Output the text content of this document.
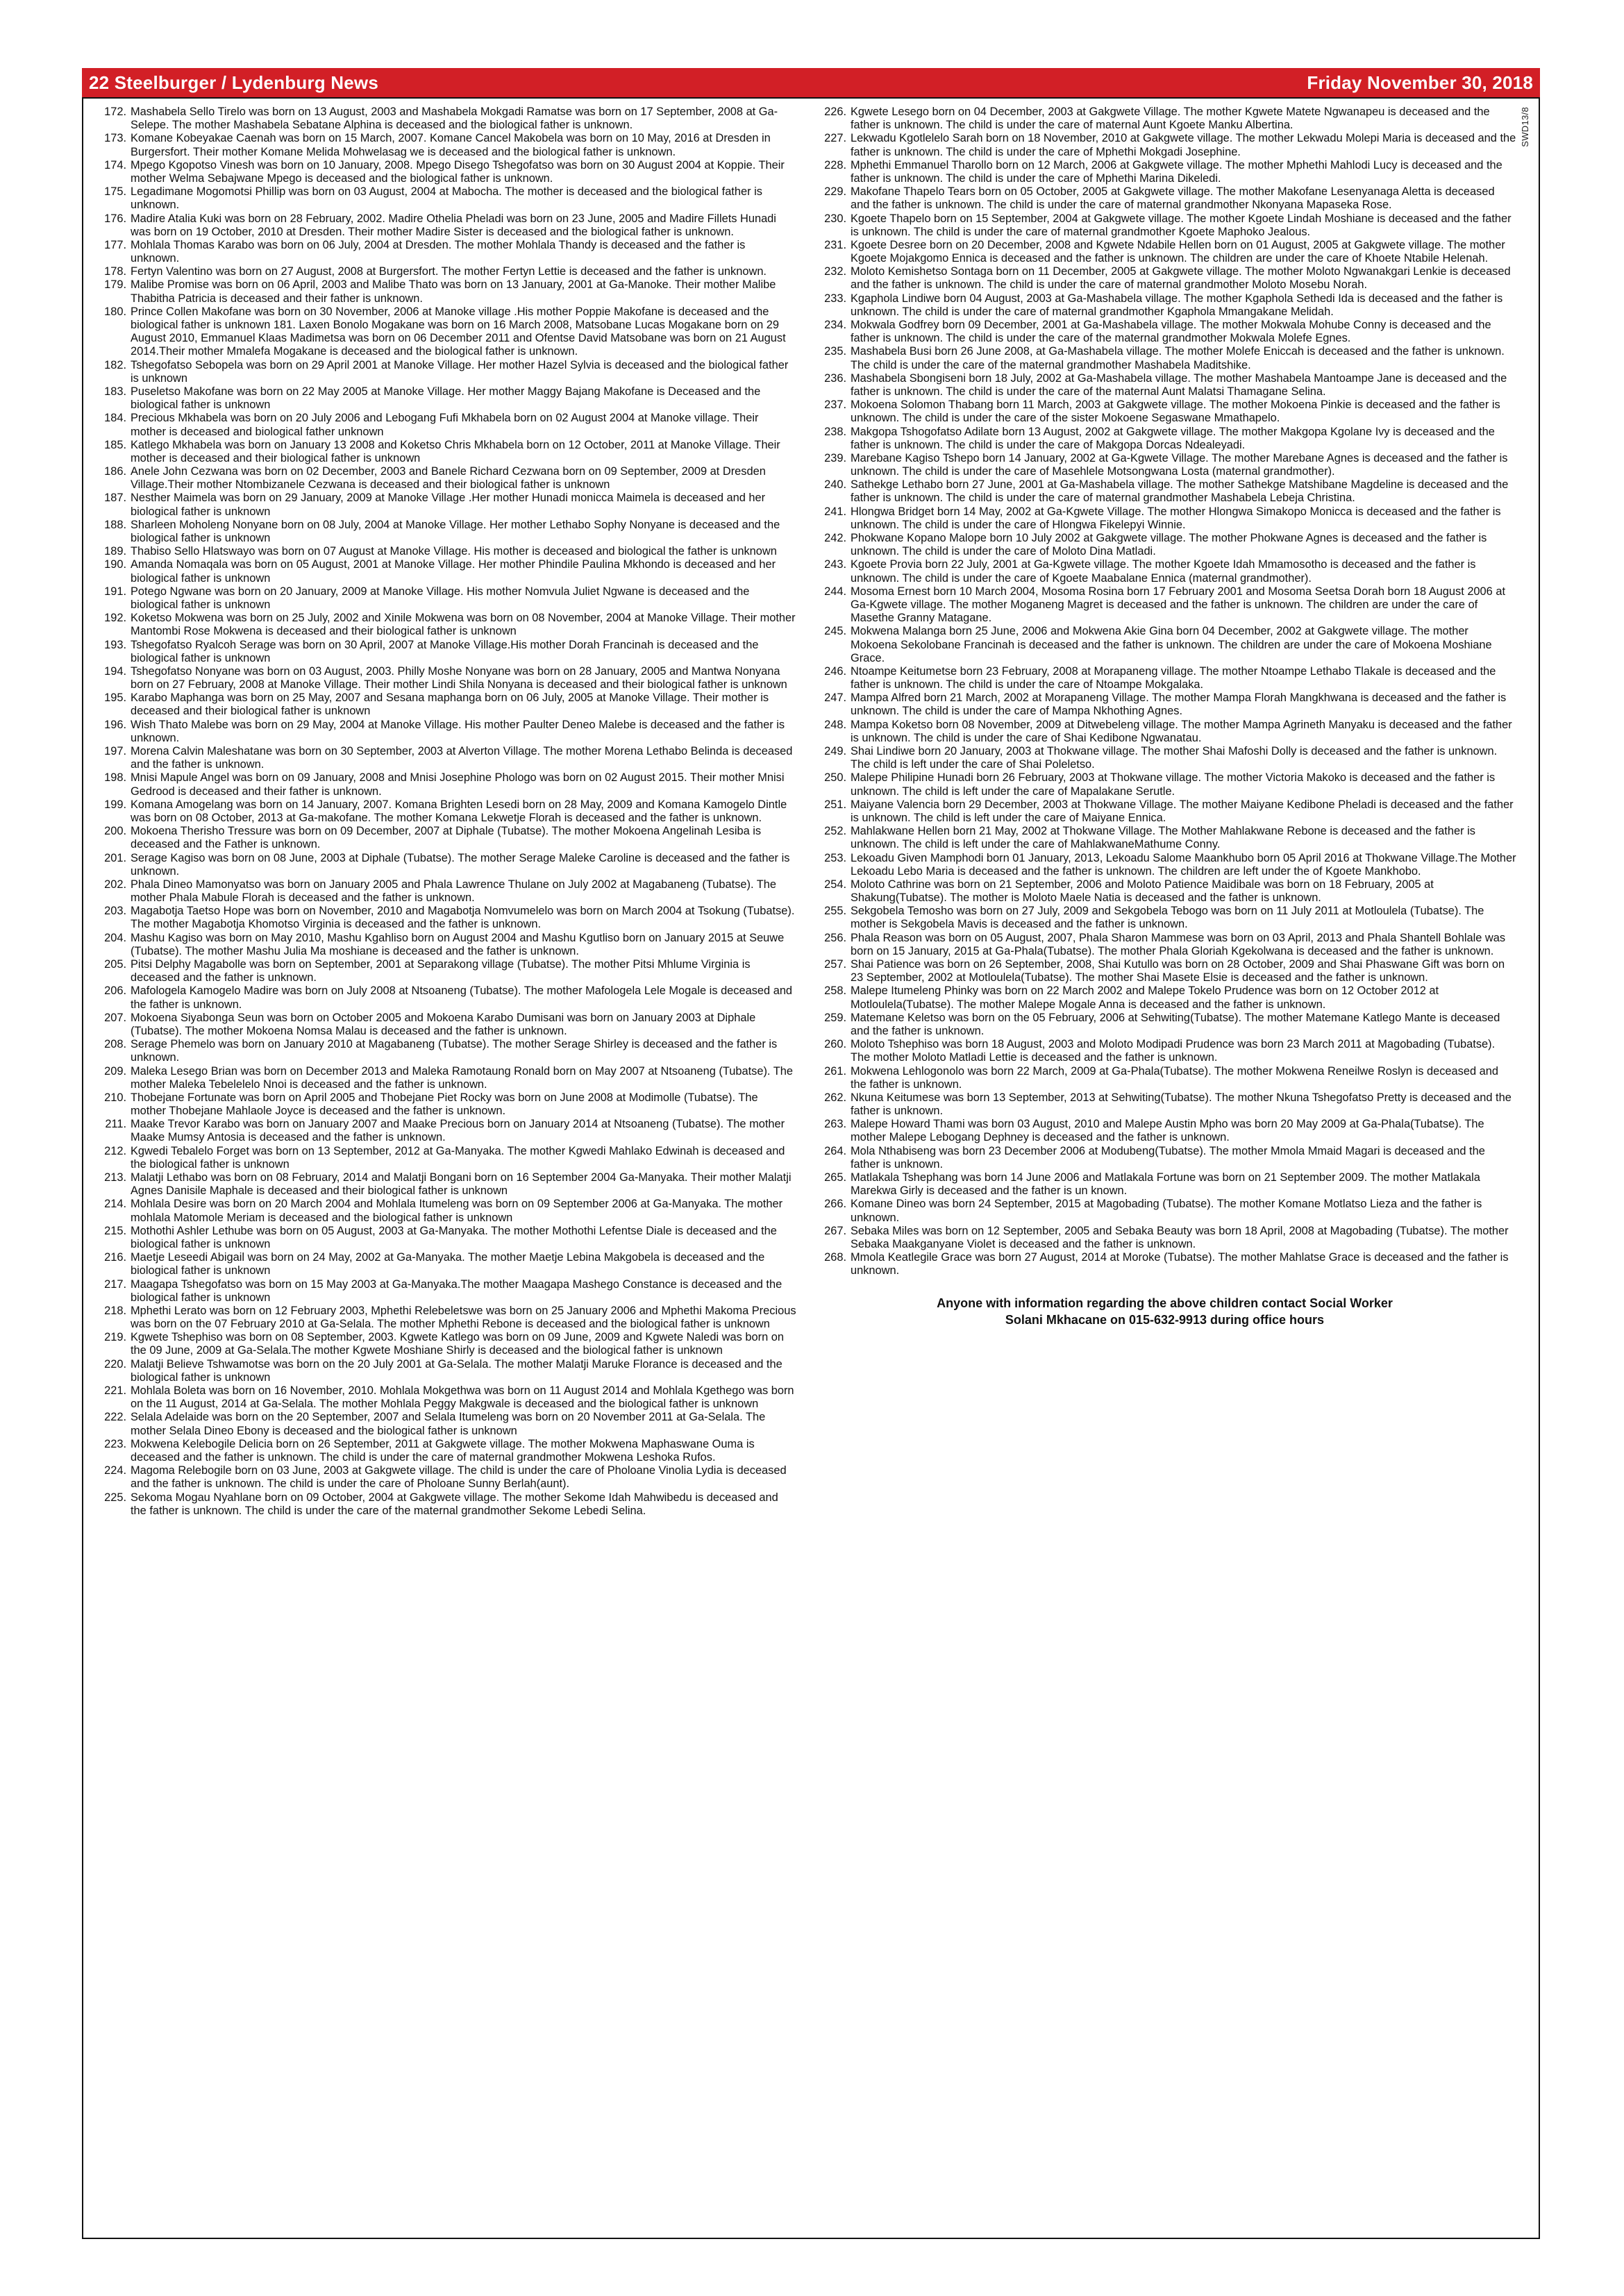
22 Steelburger / Lydenburg News	Friday November 30, 2018
SWD13/8
172. Mashabela Sello Tirelo was born on 13 August, 2003 and Mashabela Mokgadi Ramatse was born on 17 September, 2008 at Ga-Selepe. The mother Mashabela Sebatane Alphina is deceased and the biological father is unknown.
173. Komane Kobeyakae Caenah was born on 15 March, 2007. Komane Cancel Makobela was born on 10 May, 2016 at Dresden in Burgersfort. Their mother Komane Melida Mohwelasag we is deceased and the biological father is unknown.
174. Mpego Kgopotso Vinesh was born on 10 January, 2008. Mpego Disego Tshegofatso was born on 30 August 2004 at Koppie. Their mother Welma Sebajwane Mpego is deceased and the biological father is unknown.
175. Legadimane Mogomotsi Phillip was born on 03 August, 2004 at Mabocha. The mother is deceased and the biological father is unknown.
176. Madire Atalia Kuki was born on 28 February, 2002. Madire Othelia Pheladi was born on 23 June, 2005 and Madire Fillets Hunadi was born on 19 October, 2010 at Dresden. Their mother Madire Sister is deceased and the biological father is unknown.
177. Mohlala Thomas Karabo was born on 06 July, 2004 at Dresden. The mother Mohlala Thandy is deceased and the father is unknown.
178. Fertyn Valentino was born on 27 August, 2008 at Burgersfort. The mother Fertyn Lettie is deceased and the father is unknown.
179. Malibe Promise was born on 06 April, 2003 and Malibe Thato was born on 13 January, 2001 at Ga-Manoke. Their mother Malibe Thabitha Patricia is deceased and their father is unknown.
180. Prince Collen Makofane was born on 30 November, 2006 at Manoke village .His mother Poppie Makofane is deceased and the biological father is unknown 181. Laxen Bonolo Mogakane was born on 16 March 2008, Matsobane Lucas Mogakane born on 29 August 2010, Emmanuel Klaas Madimetsa was born on 06 December 2011 and Ofentse David Matsobane was born on 21 August 2014.Their mother Mmalefa Mogakane is deceased and the biological father is unknown.
182. Tshegofatso Sebopela was born on 29 April 2001 at Manoke Village. Her mother Hazel Sylvia is deceased and the biological father is unknown
183. Puseletso Makofane was born on 22 May 2005 at Manoke Village. Her mother Maggy Bajang Makofane is Deceased and the biological father is unknown
184. Precious Mkhabela was born on 20 July 2006 and Lebogang Fufi Mkhabela born on 02 August 2004 at Manoke village. Their mother is deceased and biological father unknown
185. Katlego Mkhabela was born on January 13 2008 and Koketso Chris Mkhabela born on 12 October, 2011 at Manoke Village. Their mother is deceased and their biological father is unknown
186. Anele John Cezwana was born on 02 December, 2003 and Banele Richard Cezwana born on 09 September, 2009 at Dresden Village.Their mother Ntombizanele Cezwana is deceased and their biological father is unknown
187. Nesther Maimela was born on 29 January, 2009 at Manoke Village .Her mother Hunadi monicca Maimela is deceased and her biological father is unknown
188. Sharleen Moholeng Nonyane born on 08 July, 2004 at Manoke Village. Her mother Lethabo Sophy Nonyane is deceased and the biological father is unknown
189. Thabiso Sello Hlatswayo was born on 07 August at Manoke Village. His mother is deceased and biological the father is unknown
190. Amanda Nomaqala was born on 05 August, 2001 at Manoke Village. Her mother Phindile Paulina Mkhondo is deceased and her biological father is unknown
191. Potego Ngwane was born on 20 January, 2009 at Manoke Village. His mother Nomvula Juliet Ngwane is deceased and the biological father is unknown
192. Koketso Mokwena was born on 25 July, 2002 and Xinile Mokwena was born on 08 November, 2004 at Manoke Village. Their mother Mantombi Rose Mokwena is deceased and their biological father is unknown
193. Tshegofatso Ryalcoh Serage was born on 30 April, 2007 at Manoke Village.His mother Dorah Francinah is deceased and the biological father is unknown
194. Tshegofatso Nonyane was born on 03 August, 2003. Philly Moshe Nonyane was born on 28 January, 2005 and Mantwa Nonyana born on 27 February, 2008 at Manoke Village. Their mother Lindi Shila Nonyana is deceased and their biological father is unknown
195. Karabo Maphanga was born on 25 May, 2007 and Sesana maphanga born on 06 July, 2005 at Manoke Village. Their mother is deceased and their biological father is unknown
196. Wish Thato Malebe was born on 29 May, 2004 at Manoke Village. His mother Paulter Deneo Malebe is deceased and the father is unknown.
197. Morena Calvin Maleshatane was born on 30 September, 2003 at Alverton Village. The mother Morena Lethabo Belinda is deceased and the father is unknown.
198. Mnisi Mapule Angel was born on 09 January, 2008 and Mnisi Josephine Phologo was born on 02 August 2015. Their mother Mnisi Gedrood is deceased and their father is unknown.
199. Komana Amogelang was born on 14 January, 2007. Komana Brighten Lesedi born on 28 May, 2009 and Komana Kamogelo Dintle was born on 08 October, 2013 at Ga-makofane. The mother Komana Lekwetje Florah is deceased and the father is unknown.
200. Mokoena Therisho Tressure was born on 09 December, 2007 at Diphale (Tubatse). The mother Mokoena Angelinah Lesiba is deceased and the Father is unknown.
201. Serage Kagiso was born on 08 June, 2003 at Diphale (Tubatse). The mother Serage Maleke Caroline is deceased and the father is unknown.
202. Phala Dineo Mamonyatso was born on January 2005 and Phala Lawrence Thulane on July 2002 at Magabaneng (Tubatse). The mother Phala Mabule Florah is deceased and the father is unknown.
203. Magabotja Taetso Hope was born on November, 2010 and Magabotja Nomvumelelo was born on March 2004 at Tsokung (Tubatse). The mother Magabotja Khomotso Virginia is deceased and the father is unknown.
204. Mashu Kagiso was born on May 2010, Mashu Kgahliso born on August 2004 and Mashu Kgutliso born on January 2015 at Seuwe (Tubatse). The mother Mashu Julia Ma moshiane is deceased and the father is unknown.
205. Pitsi Delphy Magabolle was born on September, 2001 at Separakong village (Tubatse). The mother Pitsi Mhlume Virginia is deceased and the father is unknown.
206. Mafologela Kamogelo Madire was born on July 2008 at Ntsoaneng (Tubatse). The mother Mafologela Lele Mogale is deceased and the father is unknown.
207. Mokoena Siyabonga Seun was born on October 2005 and Mokoena Karabo Dumisani was born on January 2003 at Diphale (Tubatse). The mother Mokoena Nomsa Malau is deceased and the father is unknown.
208. Serage Phemelo was born on January 2010 at Magabaneng (Tubatse). The mother Serage Shirley is deceased and the father is unknown.
209. Maleka Lesego Brian was born on December 2013 and Maleka Ramotaung Ronald born on May 2007 at Ntsoaneng (Tubatse). The mother Maleka Tebelelelo Nnoi is deceased and the father is unknown.
210. Thobejane Fortunate was born on April 2005 and Thobejane Piet Rocky was born on June 2008 at Modimolle (Tubatse). The mother Thobejane Mahlaole Joyce is deceased and the father is unknown.
211. Maake Trevor Karabo was born on January 2007 and Maake Precious born on January 2014 at Ntsoaneng (Tubatse). The mother Maake Mumsy Antosia is deceased and the father is unknown.
212. Kgwedi Tebalelo Forget was born on 13 September, 2012 at Ga-Manyaka. The mother Kgwedi Mahlako Edwinah is deceased and the biological father is unknown
213. Malatji Lethabo was born on 08 February, 2014 and Malatji Bongani born on 16 September 2004 Ga-Manyaka. Their mother Malatji Agnes Danisile Maphale is deceased and their biological father is unknown
214. Mohlala Desire was born on 20 March 2004 and Mohlala Itumeleng was born on 09 September 2006 at Ga-Manyaka. The mother mohlala Matomole Meriam is deceased and the biological father is unknown
215. Mothothi Ashler Lethube was born on 05 August, 2003 at Ga-Manyaka. The mother Mothothi Lefentse Diale is deceased and the biological father is unknown
216. Maetje Leseedi Abigail was born on 24 May, 2002 at Ga-Manyaka. The mother Maetje Lebina Makgobela is deceased and the biological father is unknown
217. Maagapa Tshegofatso was born on 15 May 2003 at Ga-Manyaka.The mother Maagapa Mashego Constance is deceased and the biological father is unknown
218. Mphethi Lerato was born on 12 February 2003, Mphethi Relebeletswe was born on 25 January 2006 and Mphethi Makoma Precious was born on the 07 February 2010 at Ga-Selala. The mother Mphethi Rebone is deceased and the biological father is unknown
219. Kgwete Tshephiso was born on 08 September, 2003. Kgwete Katlego was born on 09 June, 2009 and Kgwete Naledi was born on the 09 June, 2009 at Ga-Selala.The mother Kgwete Moshiane Shirly is deceased and the biological father is unknown
220. Malatji Believe Tshwamotse was born on the 20 July 2001 at Ga-Selala. The mother Malatji Maruke Florance is deceased and the biological father is unknown
221. Mohlala Boleta was born on 16 November, 2010. Mohlala Mokgethwa was born on 11 August 2014 and Mohlala Kgethego was born on the 11 August, 2014 at Ga-Selala. The mother Mohlala Peggy Makgwale is deceased and the biological father is unknown
222. Selala Adelaide was born on the 20 September, 2007 and Selala Itumeleng was born on 20 November 2011 at Ga-Selala. The mother Selala Dineo Ebony is deceased and the biological father is unknown
223. Mokwena Kelebogile Delicia born on 26 September, 2011 at Gakgwete village. The mother Mokwena Maphaswane Ouma is deceased and the father is unknown. The child is under the care of maternal grandmother Mokwena Leshoka Rufos.
224. Magoma Relebogile born on 03 June, 2003 at Gakgwete village. The child is under the care of Pholoane Vinolia Lydia is deceased and the father is unknown. The child is under the care of Pholoane Sunny Berlah(aunt).
225. Sekoma Mogau Nyahlane born on 09 October, 2004 at Gakgwete village. The mother Sekome Idah Mahwibedu is deceased and the father is unknown. The child is under the care of the maternal grandmother Sekome Lebedi Selina.
226. Kgwete Lesego born on 04 December, 2003 at Gakgwete Village. The mother Kgwete Matete Ngwanapeu is deceased and the father is unknown. The child is under the care of maternal Aunt Kgoete Manku Albertina.
227. Lekwadu Kgotlelelo Sarah born on 18 November, 2010 at Gakgwete village. The mother Lekwadu Molepi Maria is deceased and the father is unknown. The child is under the care of Mphethi Mokgadi Josephine.
228. Mphethi Emmanuel Tharollo born on 12 March, 2006 at Gakgwete village. The mother Mphethi Mahlodi Lucy is deceased and the father is unknown. The child is under the care of Mphethi Marina Dikeledi.
229. Makofane Thapelo Tears born on 05 October, 2005 at Gakgwete village. The mother Makofane Lesenyanaga Aletta is deceased and the father is unknown. The child is under the care of maternal grandmother Nkonyana Mapaseka Rose.
230. Kgoete Thapelo born on 15 September, 2004 at Gakgwete village. The mother Kgoete Lindah Moshiane is deceased and the father is unknown. The child is under the care of maternal grandmother Kgoete Maphoko Jealous.
231. Kgoete Desree born on 20 December, 2008 and Kgwete Ndabile Hellen born on 01 August, 2005 at Gakgwete village. The mother Kgoete Mojakgomo Ennica is deceased and the father is unknown. The children are under the care of Khoete Ntabile Helenah.
232. Moloto Kemishetso Sontaga born on 11 December, 2005 at Gakgwete village. The mother Moloto Ngwanakgari Lenkie is deceased and the father is unknown. The child is under the care of maternal grandmother Moloto Mosebu Norah.
233. Kgaphola Lindiwe born 04 August, 2003 at Ga-Mashabela village. The mother Kgaphola Sethedi Ida is deceased and the father is unknown. The child is under the care of maternal grandmother Kgaphola Mmangakane Melidah.
234. Mokwala Godfrey born 09 December, 2001 at Ga-Mashabela village. The mother Mokwala Mohube Conny is deceased and the father is unknown. The child is under the care of the maternal grandmother Mokwala Molefe Egnes.
235. Mashabela Busi born 26 June 2008, at Ga-Mashabela village. The mother Molefe Eniccah is deceased and the father is unknown. The child is under the care of the maternal grandmother Mashabela Maditshike.
236. Mashabela Sbongiseni born 18 July, 2002 at Ga-Mashabela village. The mother Mashabela Mantoampe Jane is deceased and the father is unknown. The child is under the care of the maternal Aunt Malatsi Thamagane Selina.
237. Mokoena Solomon Thabang born 11 March, 2003 at Gakgwete village. The mother Mokoena Pinkie is deceased and the father is unknown. The child is under the care of the sister Mokoene Segaswane Mmathapelo.
238. Makgopa Tshogofatso Adilate born 13 August, 2002 at Gakgwete village. The mother Makgopa Kgolane Ivy is deceased and the father is unknown. The child is under the care of Makgopa Dorcas Ndealeyadi.
239. Marebane Kagiso Tshepo born 14 January, 2002 at Ga-Kgwete Village. The mother Marebane Agnes is deceased and the father is unknown. The child is under the care of Masehlele Motsongwana Losta (maternal grandmother).
240. Sathekge Lethabo born 27 June, 2001 at Ga-Mashabela village. The mother Sathekge Matshibane Magdeline is deceased and the father is unknown. The child is under the care of maternal grandmother Mashabela Lebeja Christina.
241. Hlongwa Bridget born 14 May, 2002 at Ga-Kgwete Village. The mother Hlongwa Simakopo Monicca is deceased and the father is unknown. The child is under the care of Hlongwa Fikelepyi Winnie.
242. Phokwane Kopano Malope born 10 July 2002 at Gakgwete village. The mother Phokwane Agnes is deceased and the father is unknown. The child is under the care of Moloto Dina Matladi.
243. Kgoete Provia born 22 July, 2001 at Ga-Kgwete village. The mother Kgoete Idah Mmamosotho is deceased and the father is unknown. The child is under the care of Kgoete Maabalane Ennica (maternal grandmother).
244. Mosoma Ernest born 10 March 2004, Mosoma Rosina born 17 February 2001 and Mosoma Seetsa Dorah born 18 August 2006 at Ga-Kgwete village. The mother Moganeng Magret is deceased and the father is unknown. The children are under the care of Masethe Granny Matagane.
245. Mokwena Malanga born 25 June, 2006 and Mokwena Akie Gina born 04 December, 2002 at Gakgwete village. The mother Mokoena Sekolobane Francinah is deceased and the father is unknown. The children are under the care of Mokoena Moshiane Grace.
246. Ntoampe Keitumetse born 23 February, 2008 at Morapaneng village. The mother Ntoampe Lethabo Tlakale is deceased and the father is unknown. The child is under the care of Ntoampe Mokgalaka.
247. Mampa Alfred born 21 March, 2002 at Morapaneng Village. The mother Mampa Florah Mangkhwana is deceased and the father is unknown. The child is under the care of Mampa Nkhothing Agnes.
248. Mampa Koketso born 08 November, 2009 at Ditwebeleng village. The mother Mampa Agrineth Manyaku is deceased and the father is unknown. The child is under the care of Shai Kedibone Ngwanatau.
249. Shai Lindiwe born 20 January, 2003 at Thokwane village. The mother Shai Mafoshi Dolly is deceased and the father is unknown. The child is left under the care of Shai Poleletso.
250. Malepe Philipine Hunadi born 26 February, 2003 at Thokwane village. The mother Victoria Makoko is deceased and the father is unknown. The child is left under the care of Mapalakane Serutle.
251. Maiyane Valencia born 29 December, 2003 at Thokwane Village. The mother Maiyane Kedibone Pheladi is deceased and the father is unknown. The child is left under the care of Maiyane Ennica.
252. Mahlakwane Hellen born 21 May, 2002 at Thokwane Village. The Mother Mahlakwane Rebone is deceased and the father is unknown. The child is left under the care of MahlakwaneMathume Conny.
253. Lekoadu Given Mamphodi born 01 January, 2013, Lekoadu Salome Maankhubo born 05 April 2016 at Thokwane Village.The Mother Lekoadu Lebo Maria is deceased and the father is unknown. The children are left under the of Kgoete Mankhobo.
254. Moloto Cathrine was born on 21 September, 2006 and Moloto Patience Maidibale was born on 18 February, 2005 at Shakung(Tubatse). The mother is Moloto Maele Natia is deceased and the father is unknown.
255. Sekgobela Temosho was born on 27 July, 2009 and Sekgobela Tebogo was born on 11 July 2011 at Motloulela (Tubatse). The mother is Sekgobela Mavis is deceased and the father is unknown.
256. Phala Reason was born on 05 August, 2007, Phala Sharon Mammese was born on 03 April, 2013 and Phala Shantell Bohlale was born on 15 January, 2015 at Ga-Phala(Tubatse). The mother Phala Gloriah Kgekolwana is deceased and the father is unknown.
257. Shai Patience was born on 26 September, 2008, Shai Kutullo was born on 28 October, 2009 and Shai Phaswane Gift was born on 23 September, 2002 at Motloulela(Tubatse). The mother Shai Masete Elsie is deceased and the father is unknown.
258. Malepe Itumeleng Phinky was born on 22 March 2002 and Malepe Tokelo Prudence was born on 12 October 2012 at Motloulela(Tubatse). The mother Malepe Mogale Anna is deceased and the father is unknown.
259. Matemane Keletso was born on the 05 February, 2006 at Sehwiting(Tubatse). The mother Matemane Katlego Mante is deceased and the father is unknown.
260. Moloto Tshephiso was born 18 August, 2003 and Moloto Modipadi Prudence was born 23 March 2011 at Magobading (Tubatse). The mother Moloto Matladi Lettie is deceased and the father is unknown.
261. Mokwena Lehlogonolo was born 22 March, 2009 at Ga-Phala(Tubatse). The mother Mokwena Reneilwe Roslyn is deceased and the father is unknown.
262. Nkuna Keitumese was born 13 September, 2013 at Sehwiting(Tubatse). The mother Nkuna Tshegofatso Pretty is deceased and the father is unknown.
263. Malepe Howard Thami was born 03 August, 2010 and Malepe Austin Mpho was born 20 May 2009 at Ga-Phala(Tubatse). The mother Malepe Lebogang Dephney is deceased and the father is unknown.
264. Mola Nthabiseng was born 23 December 2006 at Modubeng(Tubatse). The mother Mmola Mmaid Magari is deceased and the father is unknown.
265. Matlakala Tshephang was born 14 June 2006 and Matlakala Fortune was born on 21 September 2009. The mother Matlakala Marekwa Girly is deceased and the father is un known.
266. Komane Dineo was born 24 September, 2015 at Magobading (Tubatse). The mother Komane Motlatso Lieza and the father is unknown.
267. Sebaka Miles was born on 12 September, 2005 and Sebaka Beauty was born 18 April, 2008 at Magobading (Tubatse). The mother Sebaka Maakganyane Violet is deceased and the father is unknown.
268. Mmola Keatlegile Grace was born 27 August, 2014 at Moroke (Tubatse). The mother Mahlatse Grace is deceased and the father is unknown.
Anyone with information regarding the above children contact Social Worker
Solani Mkhacane on 015-632-9913 during office hours
